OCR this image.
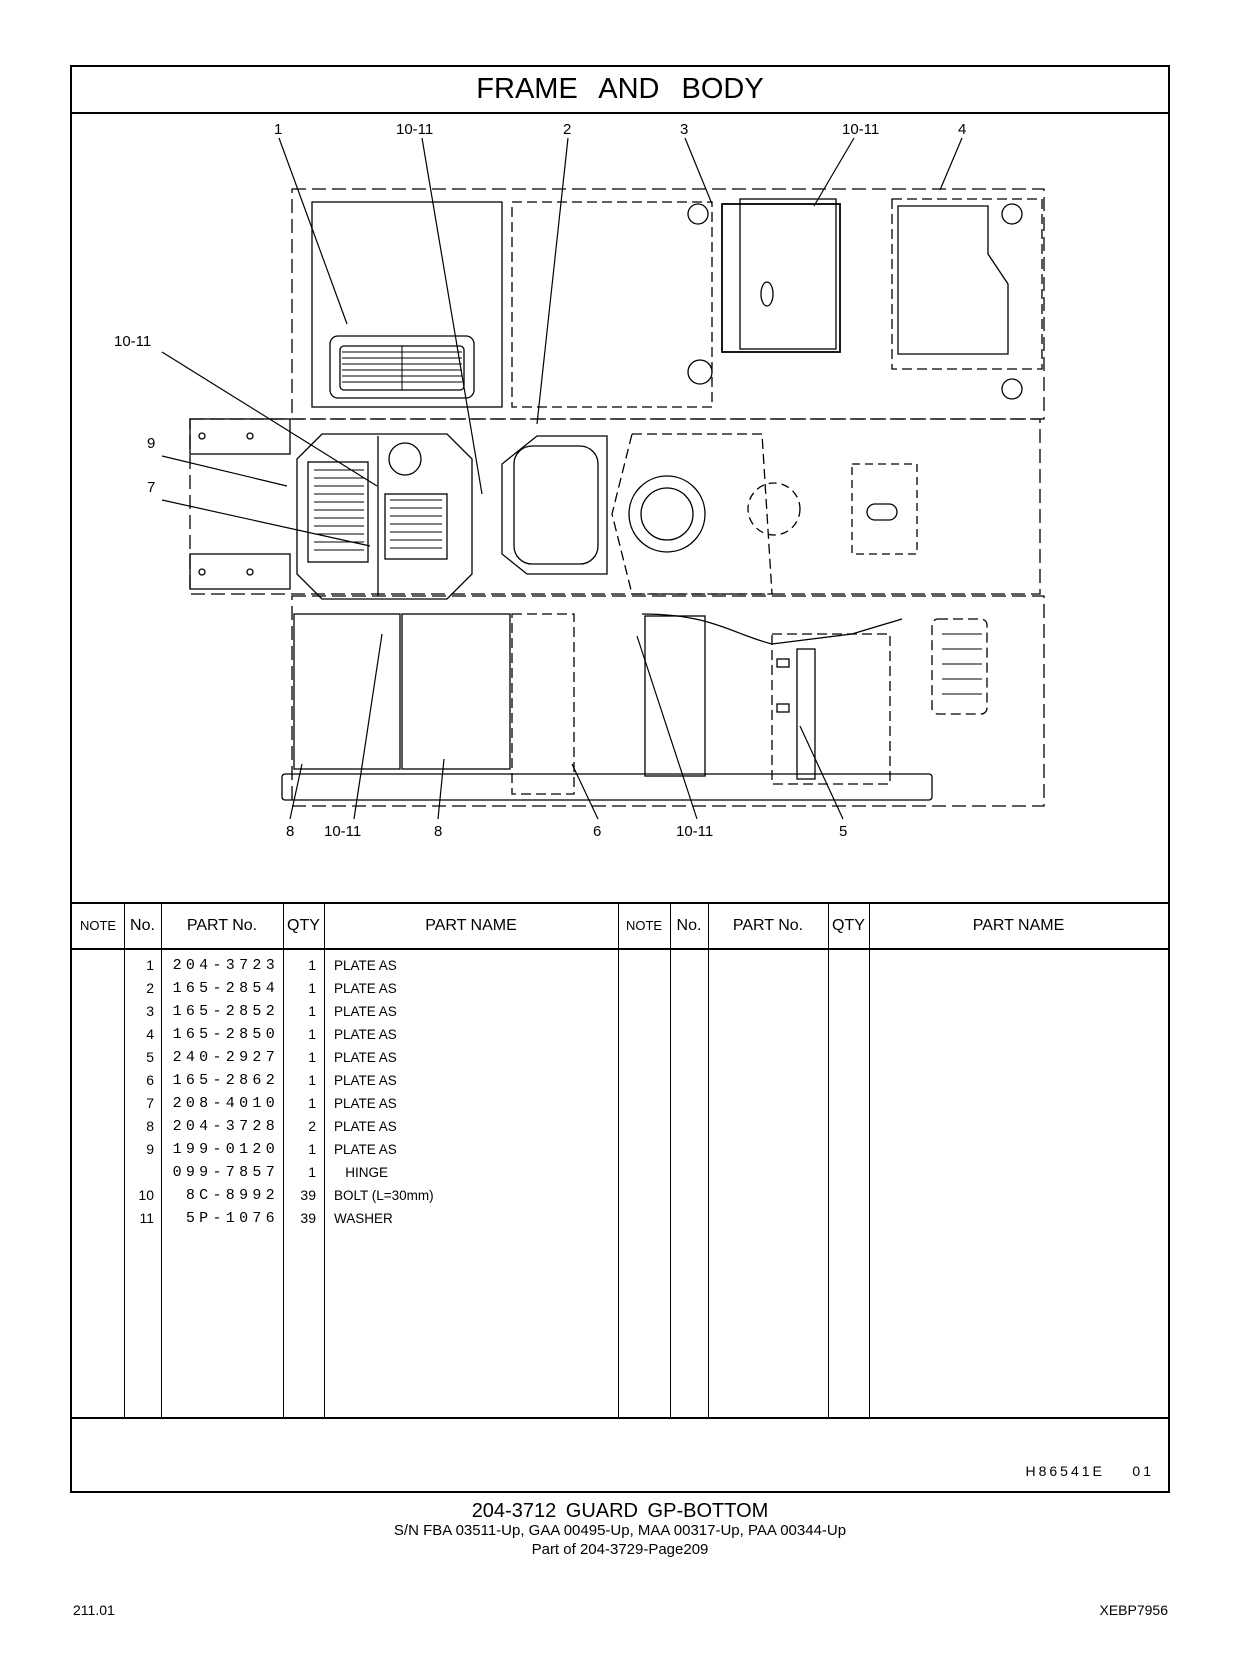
FRAME AND BODY
1	10-11	2	3	10-11	4
10-11
9
7
8 10-11	8	6	10-11	5
NOTE No.	PART No.	QTY	PART NAME	NOTE No.	PART No.	QTY	PART NAME
1	204-3723	1 PLATE AS
2	165-2854	1 PLATE AS
3	165-2852	1 PLATE AS
4	165-2850	1 PLATE AS
5	240-2927	1 PLATE AS
6	165-2862	1 PLATE AS
7	208-4010	1 PLATE AS
8	204-3728	2 PLATE AS
9	199-0120	1 PLATE AS
099-7857	1 HINGE
10	8C-8992	39 BOLT (L=30mm)
11	5P-1076	39 WASHER
H86541E    01
204-3712 GUARD GP-BOTTOM
S/N FBA 03511-Up, GAA 00495-Up, MAA 00317-Up, PAA 00344-Up
Part of 204-3729-Page209
211.01	XEBP7956
